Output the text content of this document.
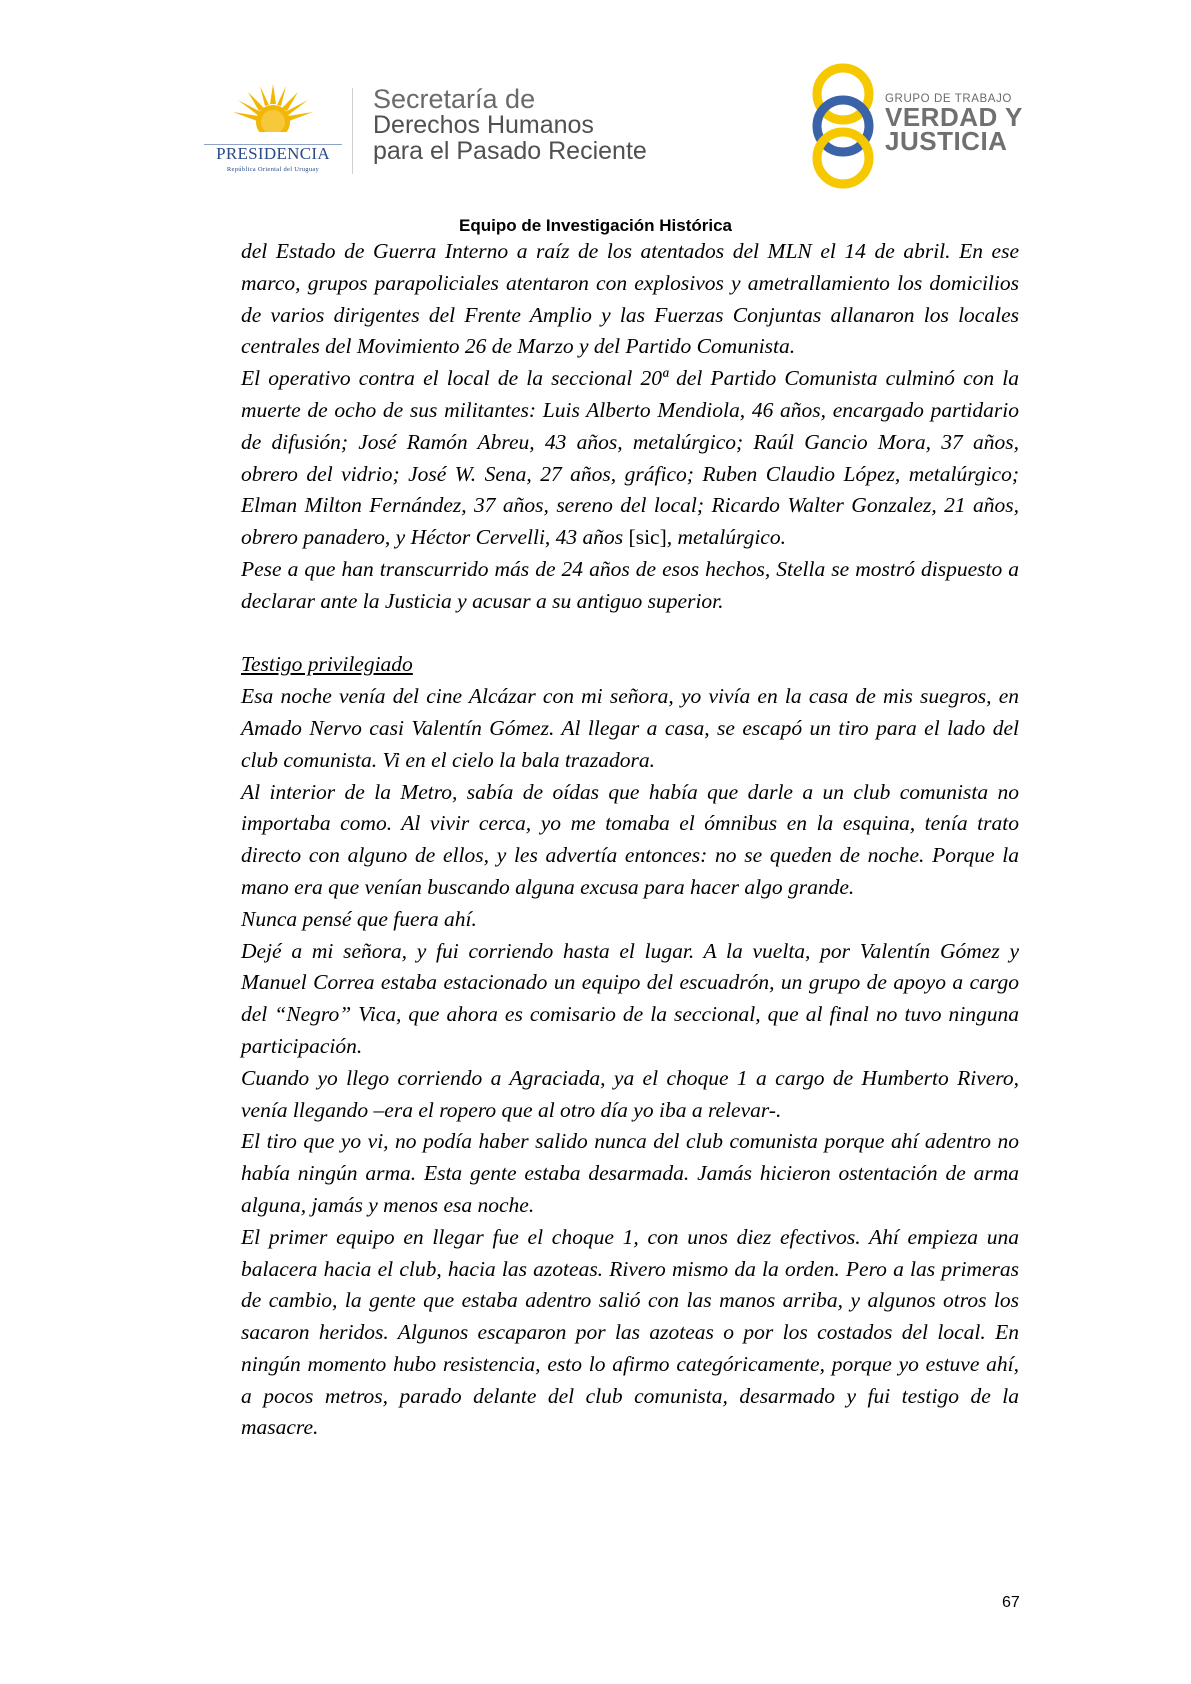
PRESIDENCIA
República Oriental del Uruguay
Secretaría de
Derechos Humanos
para el Pasado Reciente
GRUPO DE TRABAJO
VERDAD Y
JUSTICIA
Equipo de Investigación Histórica

del Estado de Guerra Interno a raíz de los atentados del MLN el 14 de abril. En ese marco, grupos parapoliciales atentaron con explosivos y ametrallamiento los domicilios de varios dirigentes del Frente Amplio y las Fuerzas Conjuntas allanaron los locales centrales del Movimiento 26 de Marzo y del Partido Comunista.

El operativo contra el local de la seccional 20ª del Partido Comunista culminó con la muerte de ocho de sus militantes: Luis Alberto Mendiola, 46 años, encargado partidario de difusión; José Ramón Abreu, 43 años, metalúrgico; Raúl Gancio Mora, 37 años, obrero del vidrio; José W. Sena, 27 años, gráfico; Ruben Claudio López, metalúrgico; Elman Milton Fernández, 37 años, sereno del local; Ricardo Walter Gonzalez, 21 años, obrero panadero, y Héctor Cervelli, 43 años [sic], metalúrgico.

Pese a que han transcurrido más de 24 años de esos hechos, Stella se mostró dispuesto a declarar ante la Justicia y acusar a su antiguo superior.

Testigo privilegiado

Esa noche venía del cine Alcázar con mi señora, yo vivía en la casa de mis suegros, en Amado Nervo casi Valentín Gómez. Al llegar a casa, se escapó un tiro para el lado del club comunista. Vi en el cielo la bala trazadora.

Al interior de la Metro, sabía de oídas que había que darle a un club comunista no importaba como. Al vivir cerca, yo me tomaba el ómnibus en la esquina, tenía trato directo con alguno de ellos, y les advertía entonces: no se queden de noche. Porque la mano era que venían buscando alguna excusa para hacer algo grande.

Nunca pensé que fuera ahí.

Dejé a mi señora, y fui corriendo hasta el lugar. A la vuelta, por Valentín Gómez y Manuel Correa estaba estacionado un equipo del escuadrón, un grupo de apoyo a cargo del “Negro” Vica, que ahora es comisario de la seccional, que al final no tuvo ninguna participación.

Cuando yo llego corriendo a Agraciada, ya el choque 1 a cargo de Humberto Rivero, venía llegando –era el ropero que al otro día yo iba a relevar-.

El tiro que yo vi, no podía haber salido nunca del club comunista porque ahí adentro no había ningún arma. Esta gente estaba desarmada. Jamás hicieron ostentación de arma alguna, jamás y menos esa noche.

El primer equipo en llegar fue el choque 1, con unos diez efectivos. Ahí empieza una balacera hacia el club, hacia las azoteas. Rivero mismo da la orden. Pero a las primeras de cambio, la gente que estaba adentro salió con las manos arriba, y algunos otros los sacaron heridos. Algunos escaparon por las azoteas o por los costados del local. En ningún momento hubo resistencia, esto lo afirmo categóricamente, porque yo estuve ahí, a pocos metros, parado delante del club comunista, desarmado y fui testigo de la masacre.

67
